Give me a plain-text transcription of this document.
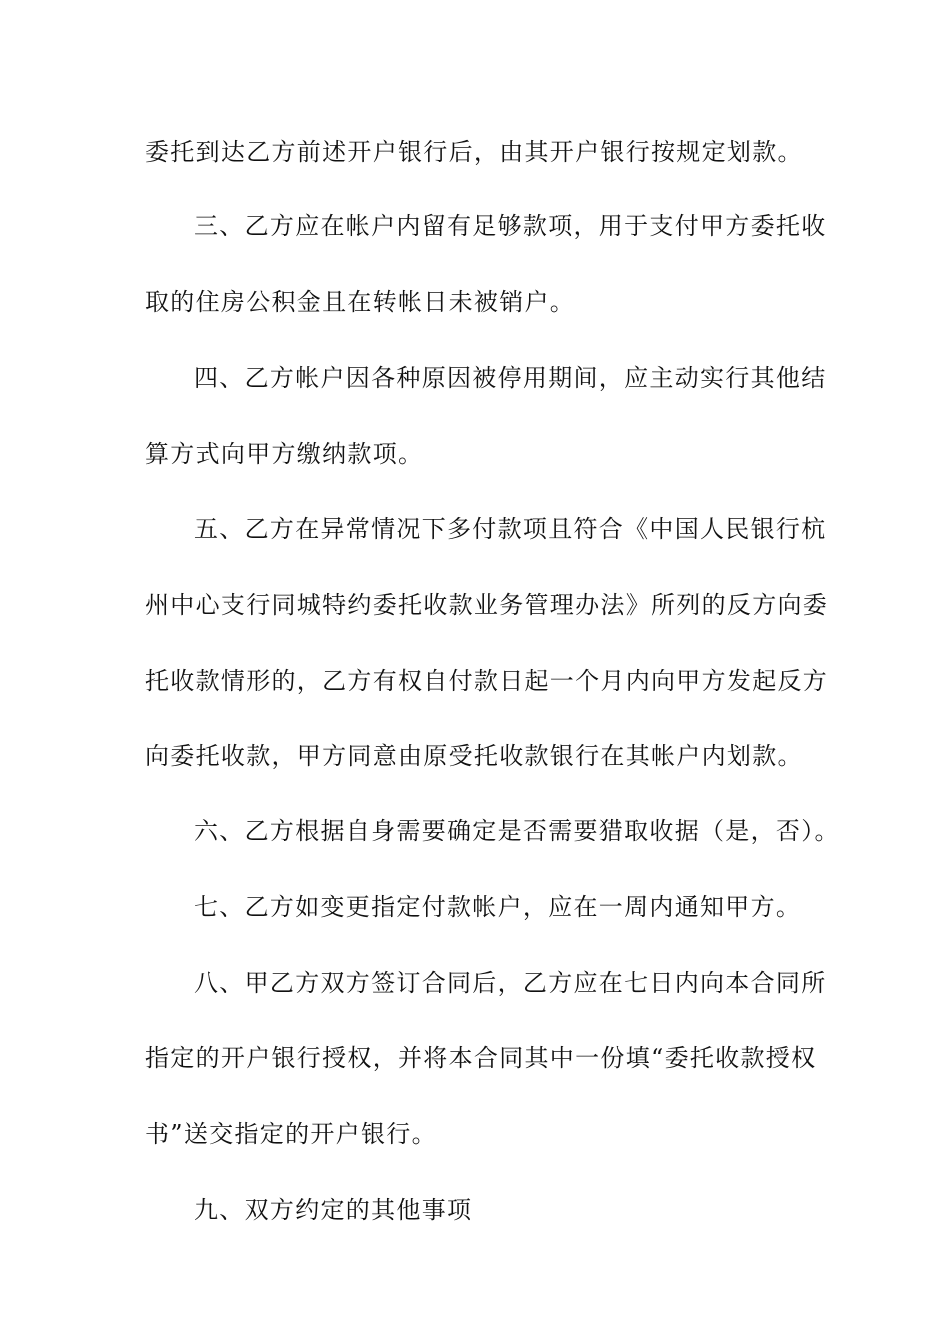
委托到达乙方前述开户银行后，由其开户银行按规定划款。
三、乙方应在帐户内留有足够款项，用于支付甲方委托收
取的住房公积金且在转帐日未被销户。
四、乙方帐户因各种原因被停用期间，应主动实行其他结
算方式向甲方缴纳款项。
五、乙方在异常情况下多付款项且符合《中国人民银行杭
州中心支行同城特约委托收款业务管理办法》所列的反方向委
托收款情形的，乙方有权自付款日起一个月内向甲方发起反方
向委托收款，甲方同意由原受托收款银行在其帐户内划款。
六、乙方根据自身需要确定是否需要猎取收据（是，否）。
七、乙方如变更指定付款帐户，应在一周内通知甲方。
八、甲乙方双方签订合同后，乙方应在七日内向本合同所
指定的开户银行授权，并将本合同其中一份填“委托收款授权
书”送交指定的开户银行。
九、双方约定的其他事项
